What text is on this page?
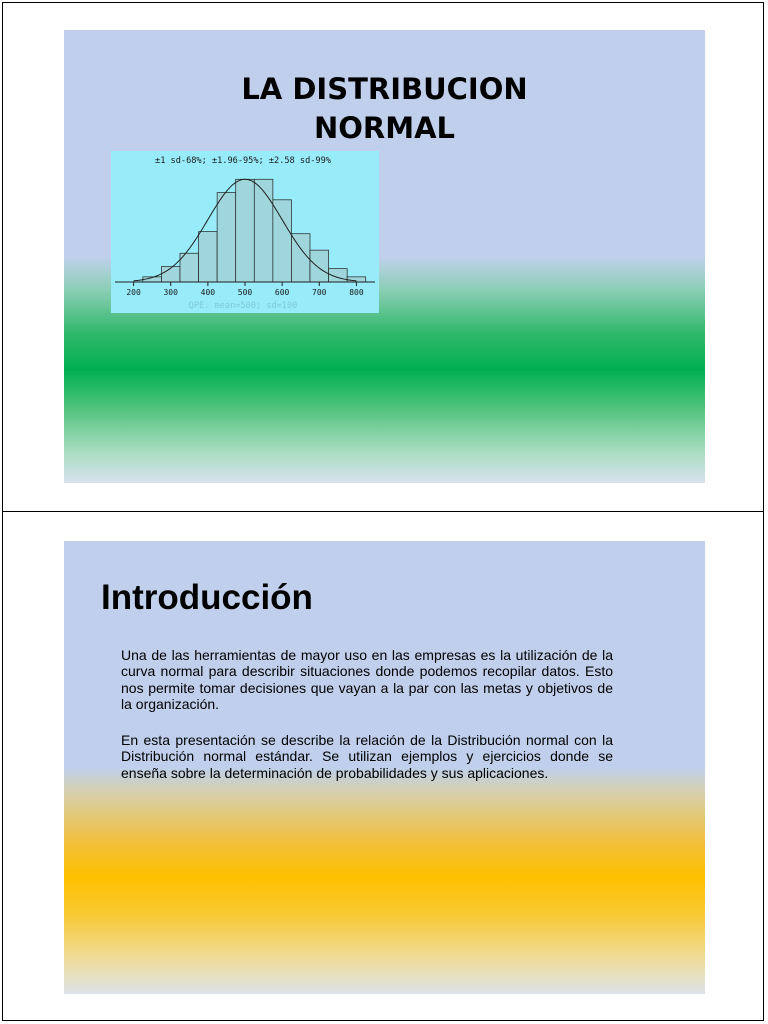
LA DISTRIBUCION
NORMAL
±1 sd-68%; ±1.96-95%; ±2.58 sd-99%
200	300	400	500	600	700	800
QPE: mean=500; sd=100
Introducción

Una de las herramientas de mayor uso en las empresas es la utilización de la curva normal para describir situaciones donde podemos recopilar datos. Esto nos permite tomar decisiones que vayan a la par con las metas y objetivos de la organización.

En esta presentación se describe la relación de la Distribución normal con la Distribución normal estándar. Se utilizan ejemplos y ejercicios donde se enseña sobre la determinación de probabilidades y sus aplicaciones.
